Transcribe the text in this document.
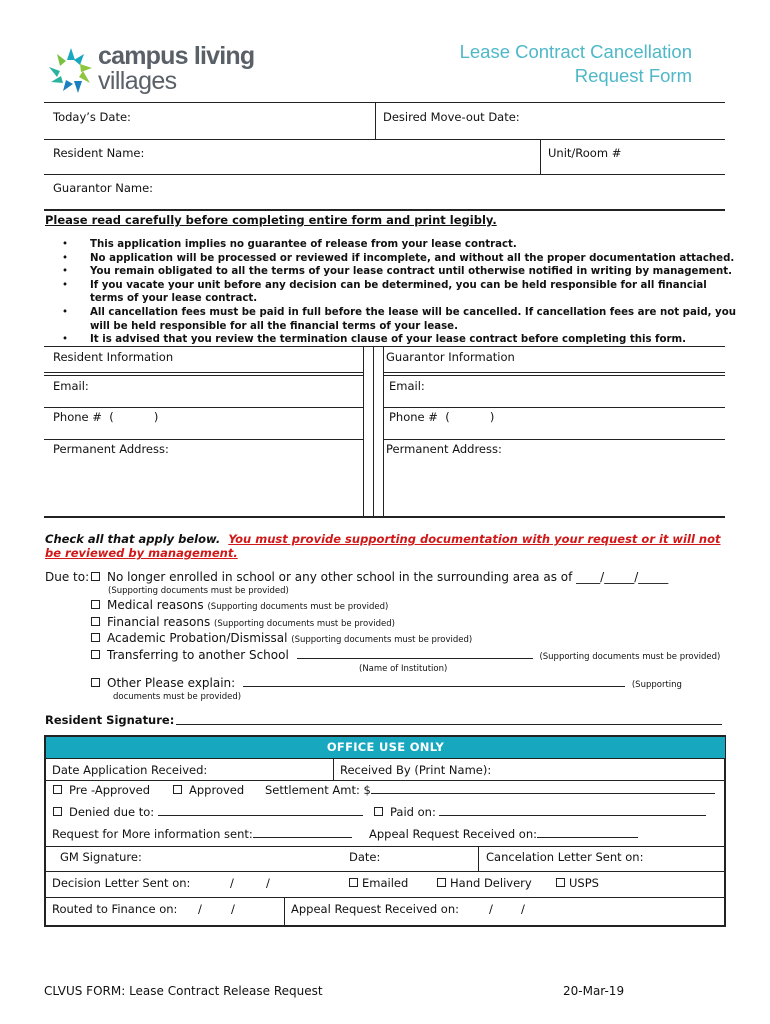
campus living
villages
Lease Contract Cancellation
Request Form
Today’s Date:	Desired Move-out Date:
Resident Name:	Unit/Room #
Guarantor Name:
Please read carefully before completing entire form and print legibly.
• This application implies no guarantee of release from your lease contract.
• No application will be processed or reviewed if incomplete, and without all the proper documentation attached.
• You remain obligated to all the terms of your lease contract until otherwise notified in writing by management.
• If you vacate your unit before any decision can be determined, you can be held responsible for all financial terms of your lease contract.
• All cancellation fees must be paid in full before the lease will be cancelled. If cancellation fees are not paid, you will be held responsible for all the financial terms of your lease.
• It is advised that you review the termination clause of your lease contract before completing this form.
Resident Information	Guarantor Information
Email:	Email:
Phone #  (           )	Phone #  (           )
Permanent Address:	Permanent Address:
Check all that apply below. You must provide supporting documentation with your request or it will not
be reviewed by management.
Due to:	No longer enrolled in school or any other school in the surrounding area as of ____/_____/_____
(Supporting documents must be provided)
Medical reasons (Supporting documents must be provided)
Financial reasons (Supporting documents must be provided)
Academic Probation/Dismissal (Supporting documents must be provided)
Transferring to another School	(Supporting documents must be provided)
(Name of Institution)
Other Please explain:	(Supporting
documents must be provided)
Resident Signature:
OFFICE USE ONLY
Date Application Received:	Received By (Print Name):
Pre -Approved	Approved Settlement Amt: $
Denied due to:	Paid on:
Request for More information sent:	Appeal Request Received on:
GM Signature:	Date:	Cancelation Letter Sent on:
Decision Letter Sent on:	/	/	Emailed	Hand Delivery	USPS
Routed to Finance on: /	/	Appeal Request Received on:	/ /
CLVUS FORM: Lease Contract Release Request	20-Mar-19
